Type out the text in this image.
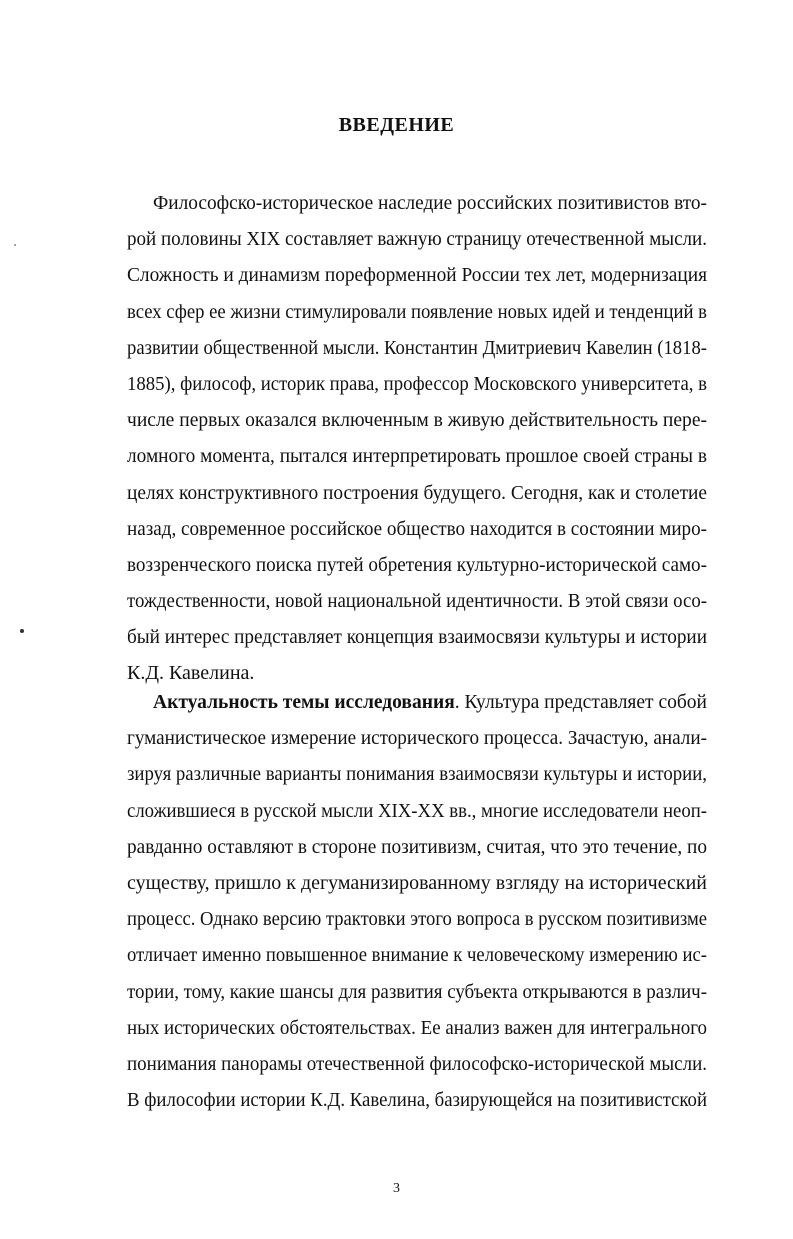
ВВЕДЕНИЕ
Философско-историческое наследие российских позитивистов вто-
рой половины XIX составляет важную страницу отечественной мысли.
Сложность и динамизм пореформенной России тех лет, модернизация
всех сфер ее жизни стимулировали появление новых идей и тенденций в
развитии общественной мысли. Константин Дмитриевич Кавелин (1818-
1885), философ, историк права, профессор Московского университета, в
числе первых оказался включенным в живую действительность пере-
ломного момента, пытался интерпретировать прошлое своей страны в
целях конструктивного построения будущего. Сегодня, как и столетие
назад, современное российское общество находится в состоянии миро-
воззренческого поиска путей обретения культурно-исторической само-
тождественности, новой национальной идентичности. В этой связи осо-
бый интерес представляет концепция взаимосвязи культуры и истории
К.Д. Кавелина.
Актуальность темы исследования. Культура представляет собой
гуманистическое измерение исторического процесса. Зачастую, анали-
зируя различные варианты понимания взаимосвязи культуры и истории,
сложившиеся в русской мысли XIX-XX вв., многие исследователи неоп-
равданно оставляют в стороне позитивизм, считая, что это течение, по
существу, пришло к дегуманизированному взгляду на исторический
процесс. Однако версию трактовки этого вопроса в русском позитивизме
отличает именно повышенное внимание к человеческому измерению ис-
тории, тому, какие шансы для развития субъекта открываются в различ-
ных исторических обстоятельствах. Ее анализ важен для интегрального
понимания панорамы отечественной философско-исторической мысли.
В философии истории К.Д. Кавелина, базирующейся на позитивистской
3
